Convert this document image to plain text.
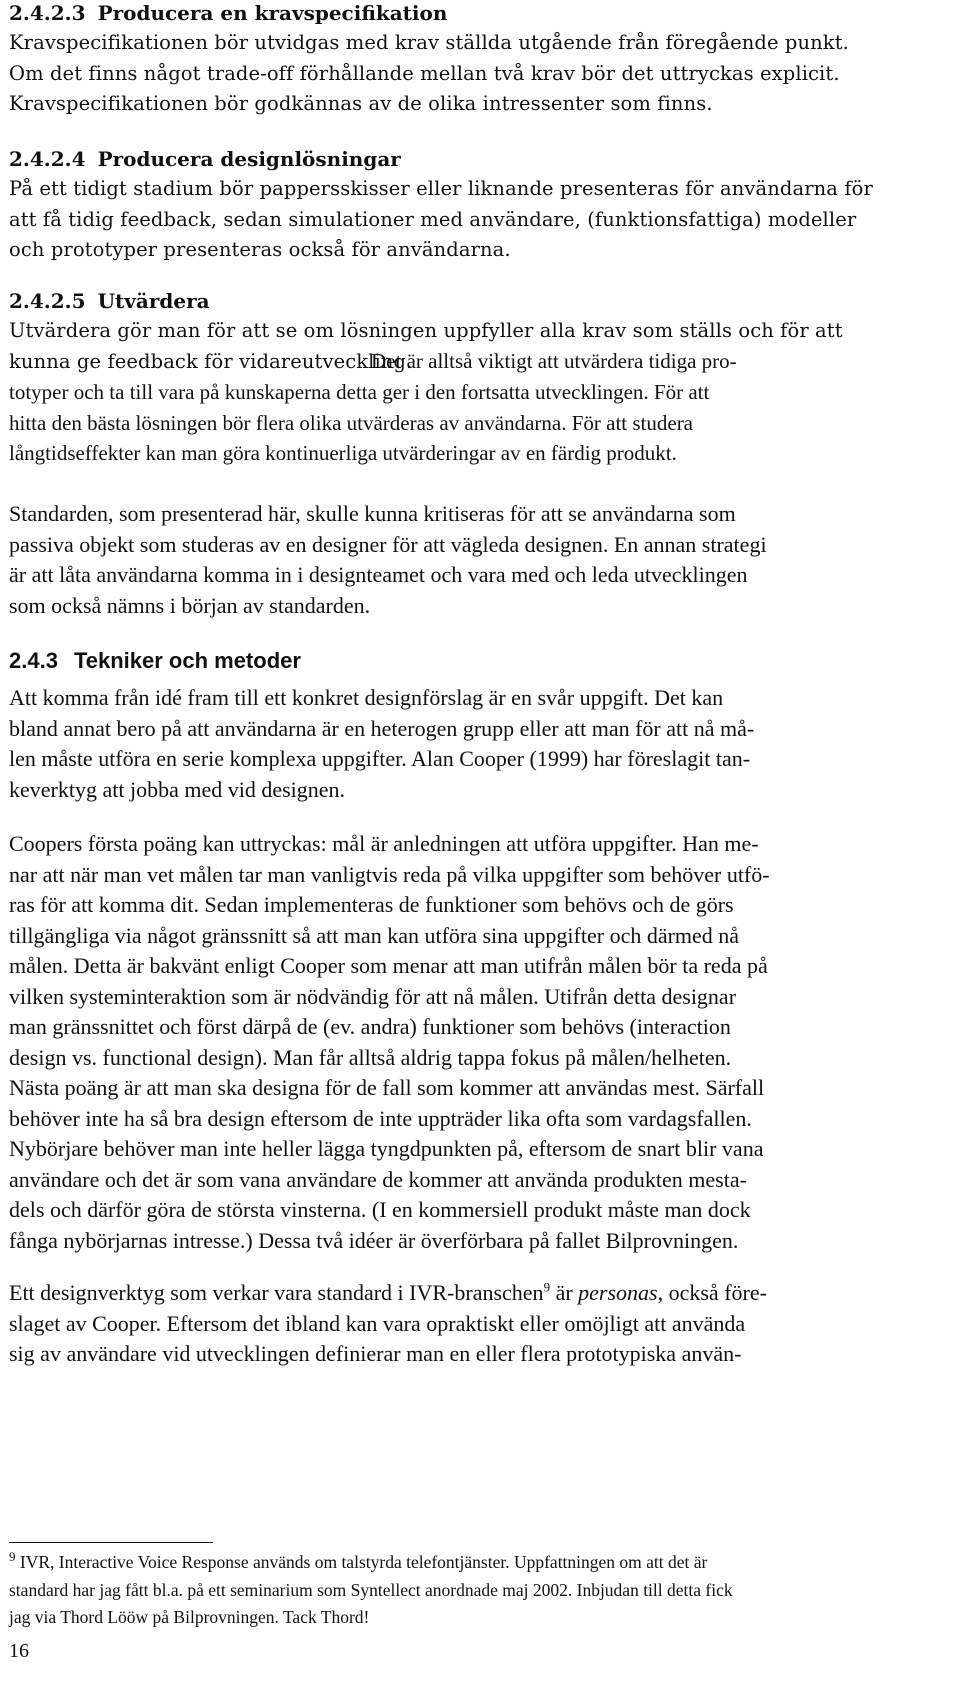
2.4.2.3 Producera en kravspecifikation
Kravspecifikationen bör utvidgas med krav ställda utgående från föregående punkt.
Om det finns något trade-off förhållande mellan två krav bör det uttryckas explicit.
Kravspecifikationen bör godkännas av de olika intressenter som finns.
2.4.2.4 Producera designlösningar
På ett tidigt stadium bör pappersskisser eller liknande presenteras för användarna för
att få tidig feedback, sedan simulationer med användare, (funktionsfattiga) modeller
och prototyper presenteras också för användarna.
2.4.2.5 Utvärdera
Utvärdera gör man för att se om lösningen uppfyller alla krav som ställs och för att
kunna ge feedback för vidareutveckling.
Det är alltså viktigt att utvärdera tidiga pro-
totyper och ta till vara på kunskaperna detta ger i den fortsatta utvecklingen. För att
hitta den bästa lösningen bör flera olika utvärderas av användarna. För att studera
långtidseffekter kan man göra kontinuerliga utvärderingar av en färdig produkt.
Standarden, som presenterad här, skulle kunna kritiseras för att se användarna som
passiva objekt som studeras av en designer för att vägleda designen. En annan strategi
är att låta användarna komma in i designteamet och vara med och leda utvecklingen
som också nämns i början av standarden.
2.4.3 Tekniker och metoder
Att komma från idé fram till ett konkret designförslag är en svår uppgift. Det kan
bland annat bero på att användarna är en heterogen grupp eller att man för att nå må-
len måste utföra en serie komplexa uppgifter. Alan Cooper (1999) har föreslagit tan-
keverktyg att jobba med vid designen.
Coopers första poäng kan uttryckas: mål är anledningen att utföra uppgifter. Han me-
nar att när man vet målen tar man vanligtvis reda på vilka uppgifter som behöver utfö-
ras för att komma dit. Sedan implementeras de funktioner som behövs och de görs
tillgängliga via något gränssnitt så att man kan utföra sina uppgifter och därmed nå
målen. Detta är bakvänt enligt Cooper som menar att man utifrån målen bör ta reda på
vilken systeminteraktion som är nödvändig för att nå målen. Utifrån detta designar
man gränssnittet och först därpå de (ev. andra) funktioner som behövs (interaction
design vs. functional design). Man får alltså aldrig tappa fokus på målen/helheten.
Nästa poäng är att man ska designa för de fall som kommer att användas mest. Särfall
behöver inte ha så bra design eftersom de inte uppträder lika ofta som vardagsfallen.
Nybörjare behöver man inte heller lägga tyngdpunkten på, eftersom de snart blir vana
användare och det är som vana användare de kommer att använda produkten mesta-
dels och därför göra de största vinsterna. (I en kommersiell produkt måste man dock
fånga nybörjarnas intresse.) Dessa två idéer är överförbara på fallet Bilprovningen.
Ett designverktyg som verkar vara standard i IVR-branschen$^9$ är personas, också före-
slaget av Cooper. Eftersom det ibland kan vara opraktiskt eller omöjligt att använda
sig av användare vid utvecklingen definierar man en eller flera prototypiska använ-
$^9$ IVR, Interactive Voice Response används om talstyrda telefontjänster. Uppfattningen om att det är
standard har jag fått bl.a. på ett seminarium som Syntellect anordnade maj 2002. Inbjudan till detta fick
jag via Thord Lööw på Bilprovningen. Tack Thord!
16
